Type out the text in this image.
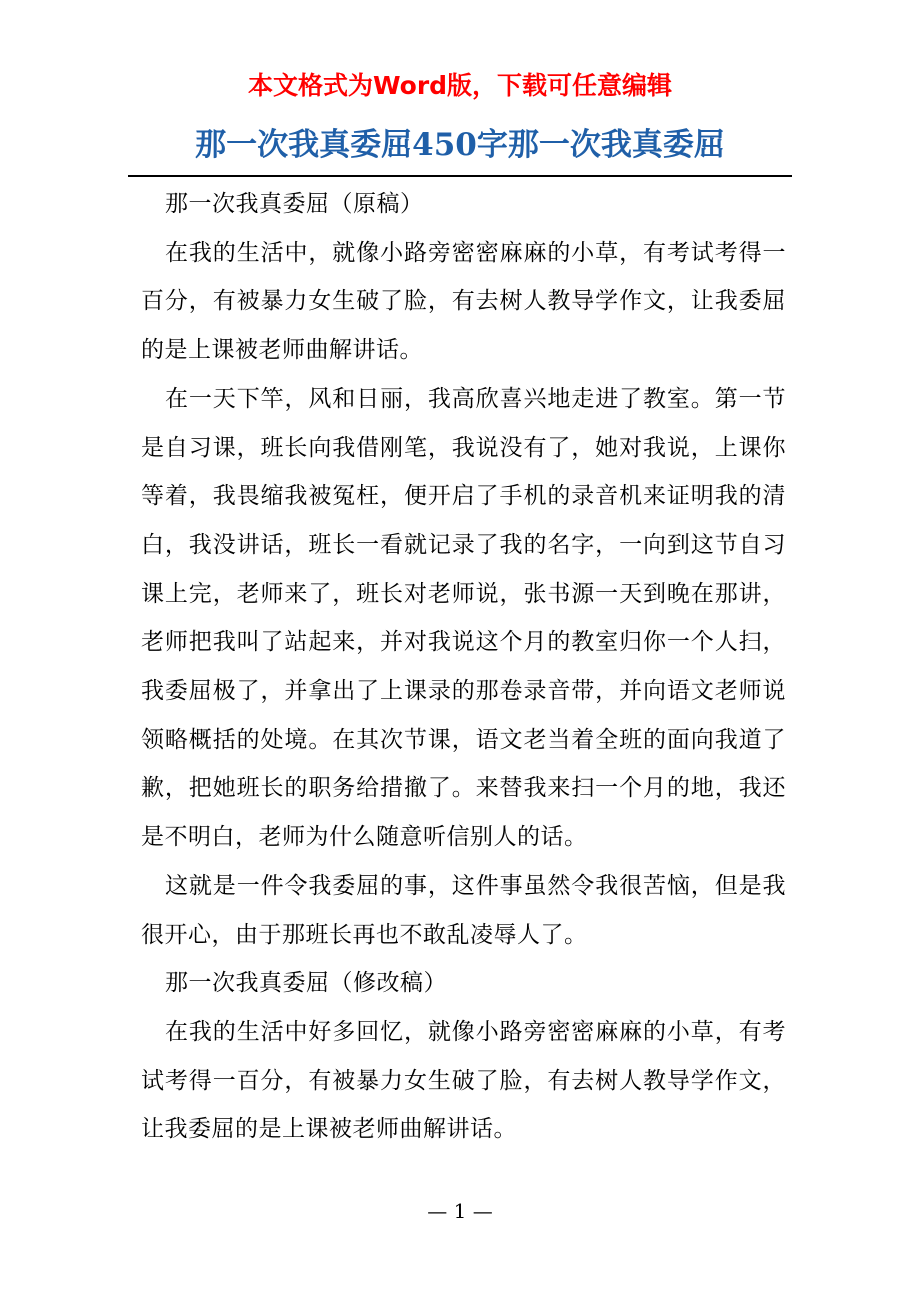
本文格式为Word版，下载可任意编辑
那一次我真委屈450字那一次我真委屈

那一次我真委屈（原稿）

在我的生活中，就像小路旁密密麻麻的小草，有考试考得一百分，有被暴力女生破了脸，有去树人教导学作文，让我委屈的是上课被老师曲解讲话。

在一天下竿，风和日丽，我高欣喜兴地走进了教室。第一节是自习课，班长向我借刚笔，我说没有了，她对我说，上课你等着，我畏缩我被冤枉，便开启了手机的录音机来证明我的清白，我没讲话，班长一看就记录了我的名字，一向到这节自习课上完，老师来了，班长对老师说，张书源一天到晚在那讲，老师把我叫了站起来，并对我说这个月的教室归你一个人扫，我委屈极了，并拿出了上课录的那卷录音带，并向语文老师说领略概括的处境。在其次节课，语文老当着全班的面向我道了歉，把她班长的职务给措撤了。来替我来扫一个月的地，我还是不明白，老师为什么随意听信别人的话。

这就是一件令我委屈的事，这件事虽然令我很苦恼，但是我很开心，由于那班长再也不敢乱凌辱人了。

那一次我真委屈（修改稿）

在我的生活中好多回忆，就像小路旁密密麻麻的小草，有考试考得一百分，有被暴力女生破了脸，有去树人教导学作文，让我委屈的是上课被老师曲解讲话。

— 1 —
